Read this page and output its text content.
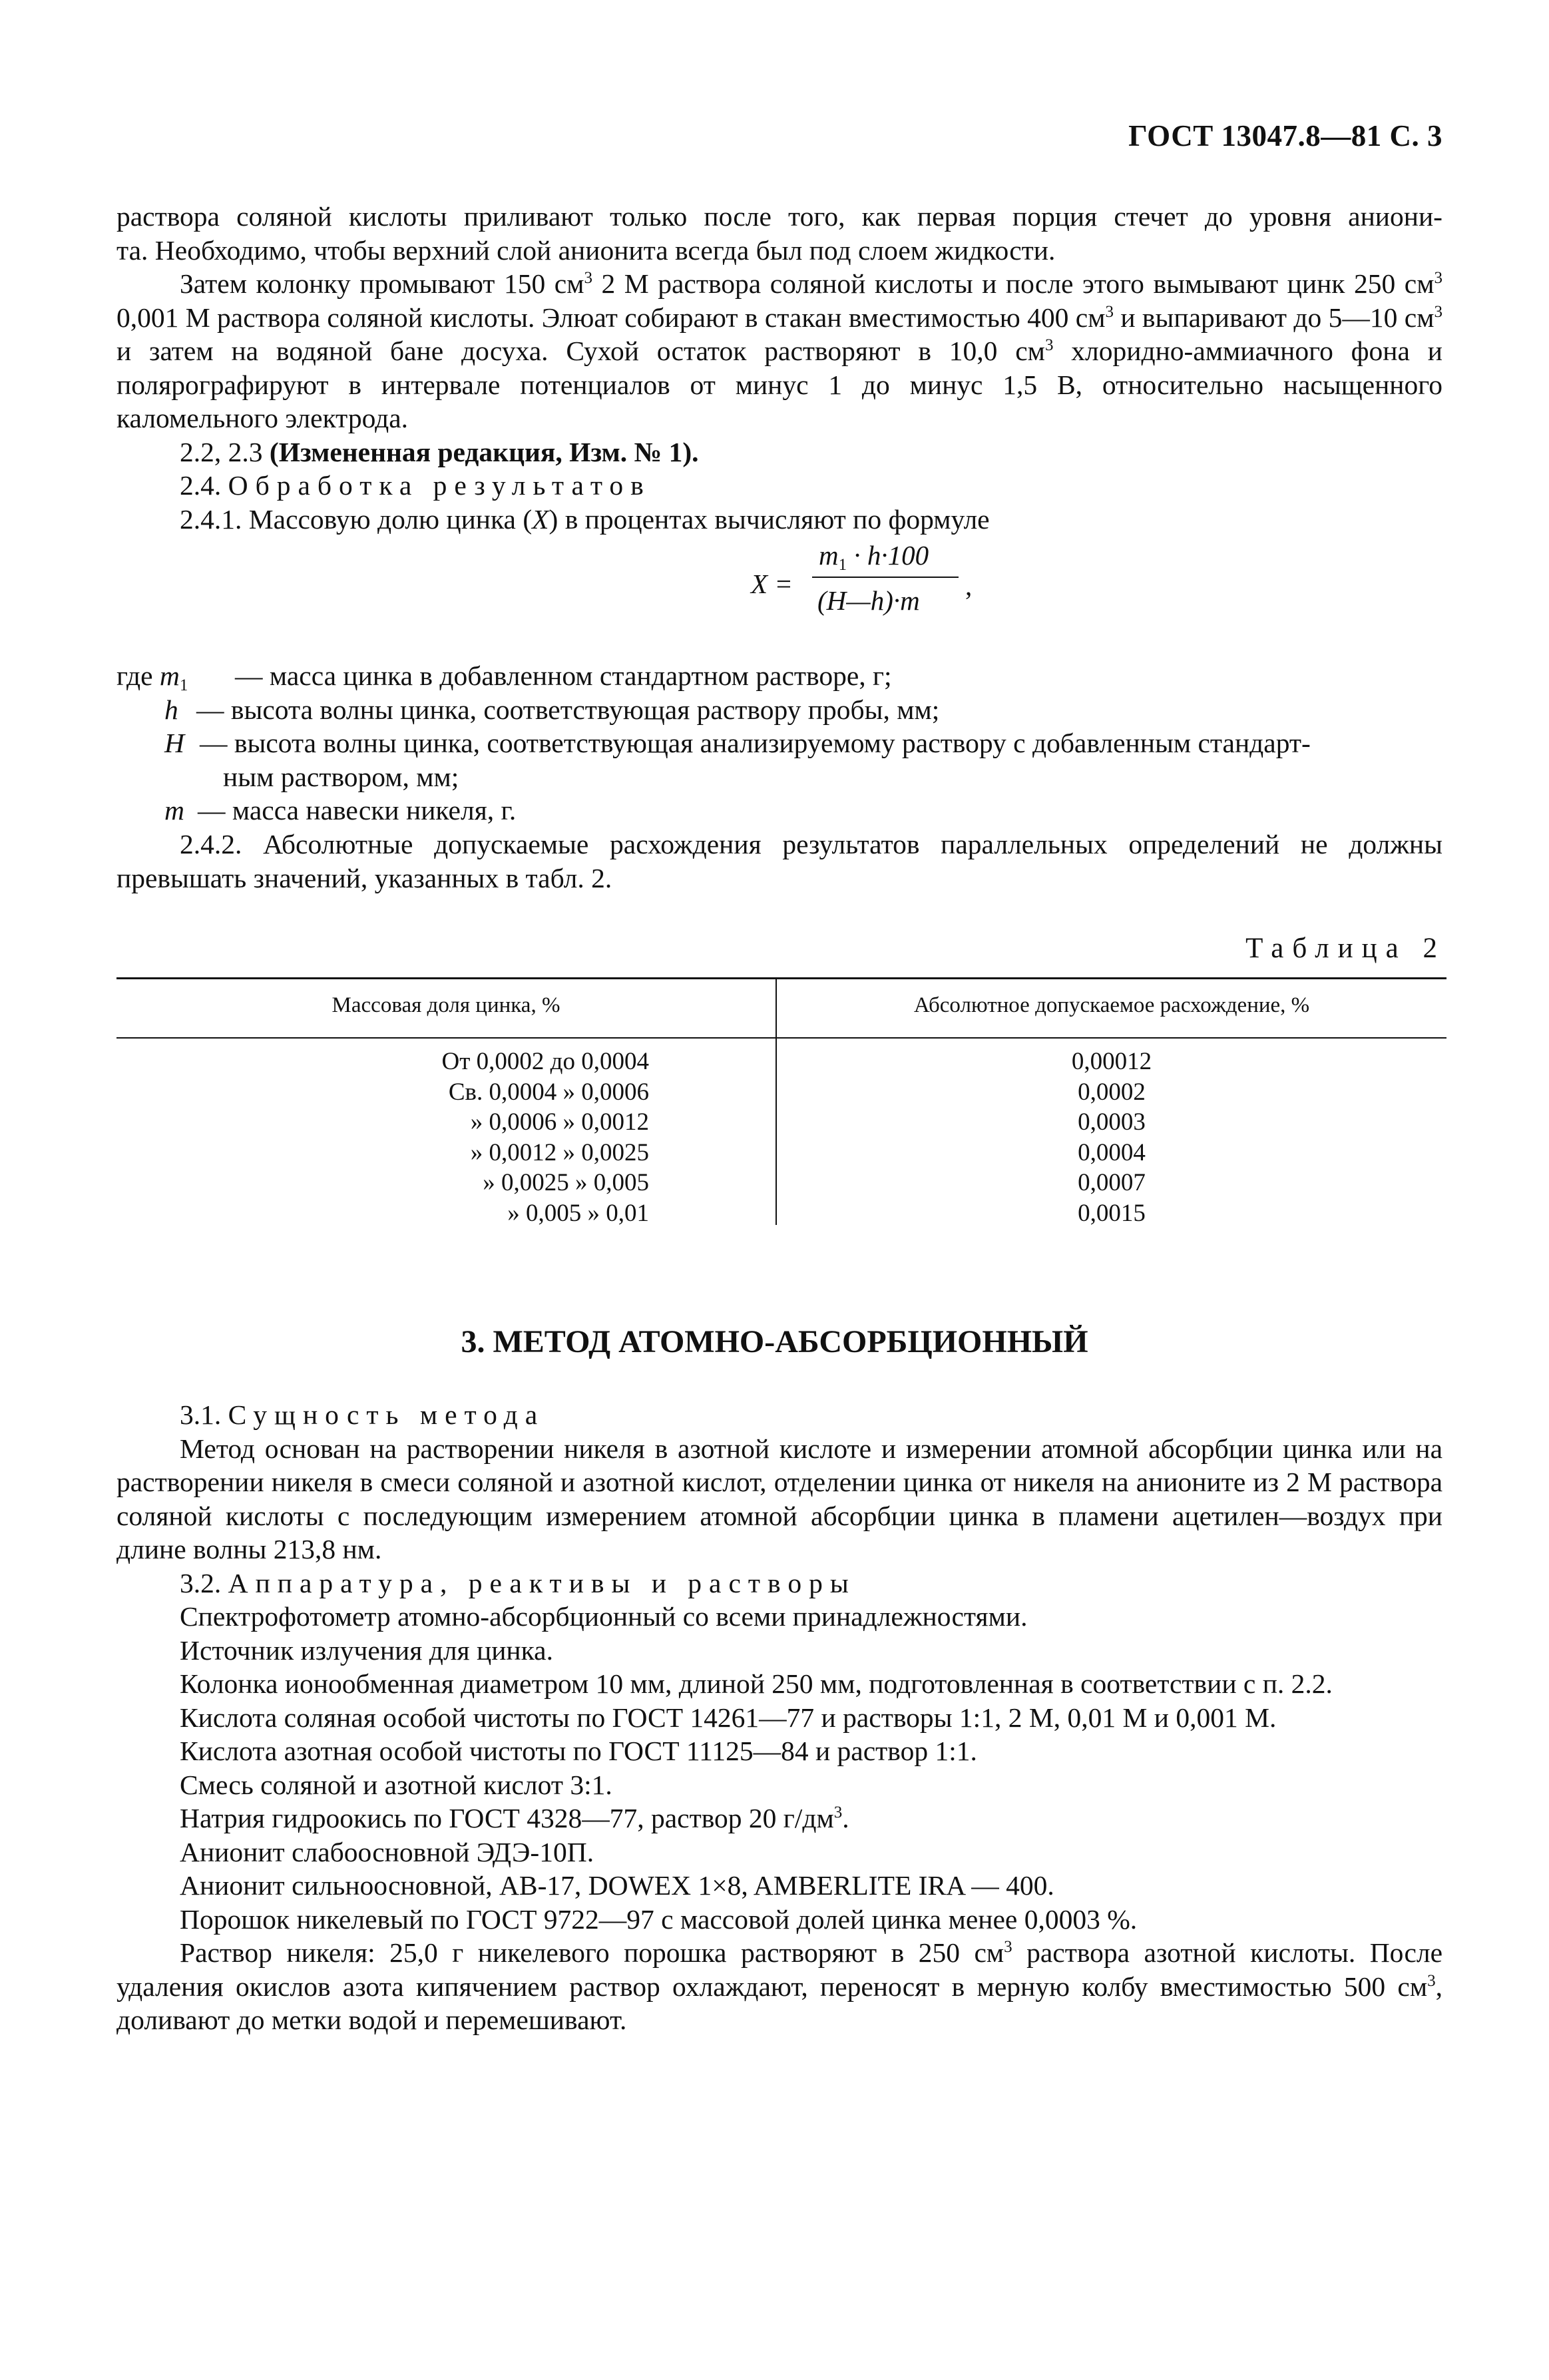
ГОСТ 13047.8—81 С. 3

раствора соляной кислоты приливают только после того, как первая порция стечет до уровня аниони-

та. Необходимо, чтобы верхний слой анионита всегда был под слоем жидкости.

Затем колонку промывают 150 $см^3$ 2 М раствора соляной кислоты и после этого вымывают цинк 250 $см^3$ 0,001 М раствора соляной кислоты. Элюат собирают в стакан вместимостью 400 $см^3$ и выпаривают до 5—10 $см^3$ и затем на водяной бане досуха. Сухой остаток растворяют в 10,0 $см^3$ хлоридно-аммиачного фона и полярографируют в интервале потенциалов от минус 1 до минус 1,5 В, относительно насыщенного каломельного электрода.

2.2, 2.3 (Измененная редакция, Изм. № 1).

2.4. Обработка результатов

2.4.1. Массовую долю цинка (X) в процентах вычисляют по формуле

X =
$m_1 \cdot h\cdot 100$
(H—h)·m ,
где $m_1$ — масса цинка в добавленном стандартном растворе, г;
h — высота волны цинка, соответствующая раствору пробы, мм;
H — высота волны цинка, соответствующая анализируемому раствору с добавленным стандарт-
ным раствором, мм;
m — масса навески никеля, г.

2.4.2. Абсолютные допускаемые расхождения результатов параллельных определений не должны

превышать значений, указанных в табл. 2.

Таблица 2
Массовая доля цинка, %	Абсолютное допускаемое расхождение, %
От 0,0002 до 0,0004
Св. 0,0004 » 0,0006
» 0,0006 » 0,0012
» 0,0012 » 0,0025
» 0,0025 » 0,005
» 0,005 » 0,01
0,00012
0,0002
0,0003
0,0004
0,0007
0,0015
3. МЕТОД АТОМНО-АБСОРБЦИОННЫЙ

3.1. Сущность метода

Метод основан на растворении никеля в азотной кислоте и измерении атомной абсорбции цинка или на растворении никеля в смеси соляной и азотной кислот, отделении цинка от никеля на анионите из 2 М раствора соляной кислоты с последующим измерением атомной абсорбции цинка в пламени ацетилен—воздух при длине волны 213,8 нм.

3.2. Аппаратура, реактивы и растворы

Спектрофотометр атомно-абсорбционный со всеми принадлежностями.

Источник излучения для цинка.

Колонка ионообменная диаметром 10 мм, длиной 250 мм, подготовленная в соответствии с п. 2.2.

Кислота соляная особой чистоты по ГОСТ 14261—77 и растворы 1:1, 2 М, 0,01 М и 0,001 М.

Кислота азотная особой чистоты по ГОСТ 11125—84 и раствор 1:1.

Смесь соляной и азотной кислот 3:1.

Натрия гидроокись по ГОСТ 4328—77, раствор 20 $г/дм^3$.

Анионит слабоосновной ЭДЭ-10П.

Анионит сильноосновной, АВ-17, DOWEX 1×8, AMBERLITE IRA — 400.

Порошок никелевый по ГОСТ 9722—97 с массовой долей цинка менее 0,0003 %.

Раствор никеля: 25,0 г никелевого порошка растворяют в 250 $см^3$ раствора азотной кислоты. После удаления окислов азота кипячением раствор охлаждают, переносят в мерную колбу вместимостью 500 $см^3$, доливают до метки водой и перемешивают.
